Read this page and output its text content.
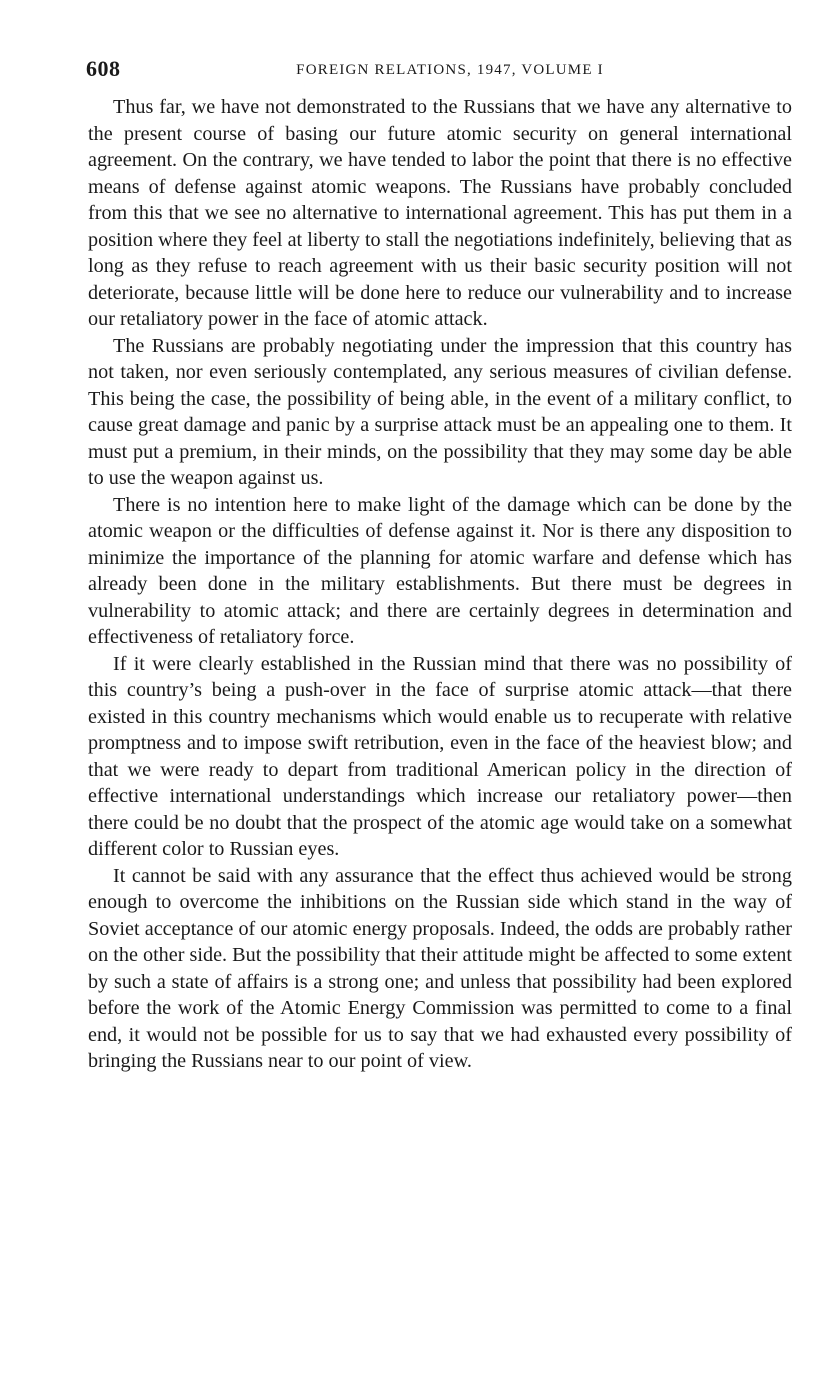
608	FOREIGN RELATIONS, 1947, VOLUME I

Thus far, we have not demonstrated to the Russians that we have any alternative to the present course of basing our future atomic security on general international agreement. On the contrary, we have tended to labor the point that there is no effective means of defense against atomic weapons. The Russians have probably concluded from this that we see no alternative to international agreement. This has put them in a position where they feel at liberty to stall the negotiations indefinitely, believing that as long as they refuse to reach agreement with us their basic security position will not deteriorate, because little will be done here to reduce our vulnerability and to increase our retaliatory power in the face of atomic attack.

The Russians are probably negotiating under the impression that this country has not taken, nor even seriously contemplated, any serious measures of civilian defense. This being the case, the possibility of being able, in the event of a military conflict, to cause great damage and panic by a surprise attack must be an appealing one to them. It must put a premium, in their minds, on the possibility that they may some day be able to use the weapon against us.

There is no intention here to make light of the damage which can be done by the atomic weapon or the difficulties of defense against it. Nor is there any disposition to minimize the importance of the planning for atomic warfare and defense which has already been done in the military establishments. But there must be degrees in vulnerability to atomic attack; and there are certainly degrees in determination and effectiveness of retaliatory force.

If it were clearly established in the Russian mind that there was no possibility of this country’s being a push-over in the face of surprise atomic attack—that there existed in this country mechanisms which would enable us to recuperate with relative promptness and to impose swift retribution, even in the face of the heaviest blow; and that we were ready to depart from traditional American policy in the direction of effective international understandings which increase our retaliatory power—then there could be no doubt that the prospect of the atomic age would take on a somewhat different color to Russian eyes.

It cannot be said with any assurance that the effect thus achieved would be strong enough to overcome the inhibitions on the Russian side which stand in the way of Soviet acceptance of our atomic energy proposals. Indeed, the odds are probably rather on the other side. But the possibility that their attitude might be affected to some extent by such a state of affairs is a strong one; and unless that possibility had been explored before the work of the Atomic Energy Commission was permitted to come to a final end, it would not be possible for us to say that we had exhausted every possibility of bringing the Russians near to our point of view.
